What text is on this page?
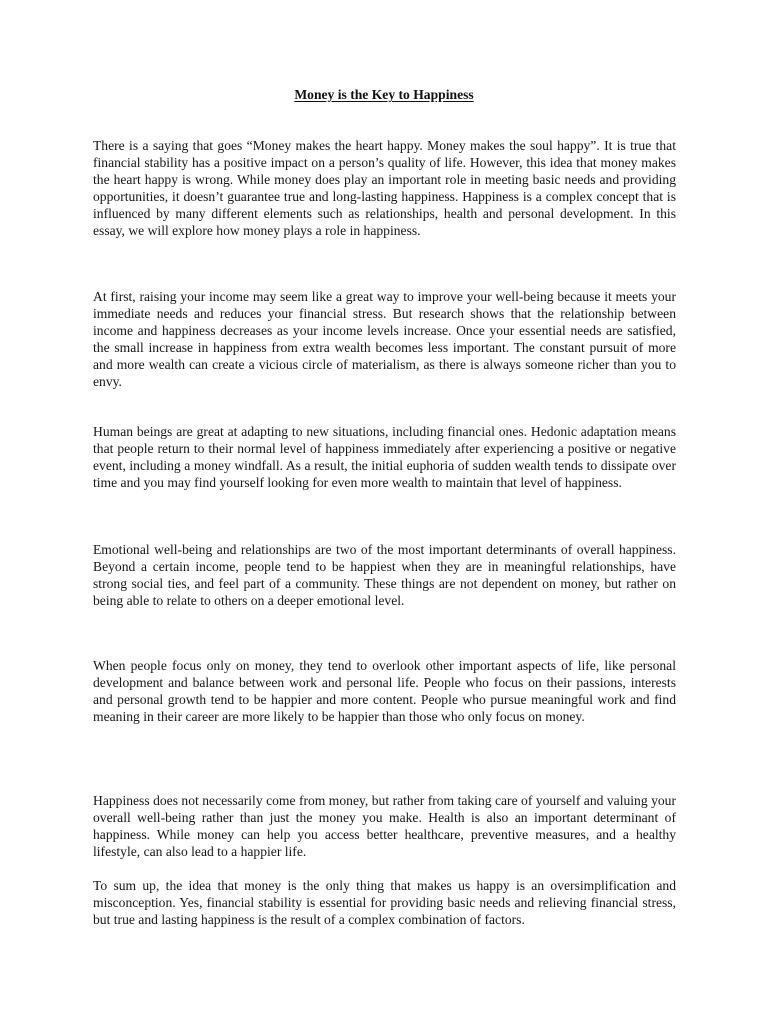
Money is the Key to Happiness

There is a saying that goes “Money makes the heart happy. Money makes the soul happy”. It is true that financial stability has a positive impact on a person’s quality of life. However, this idea that money makes the heart happy is wrong. While money does play an important role in meeting basic needs and providing opportunities, it doesn’t guarantee true and long-lasting happiness. Happiness is a complex concept that is influenced by many different elements such as relationships, health and personal development. In this essay, we will explore how money plays a role in happiness.

At first, raising your income may seem like a great way to improve your well-being because it meets your immediate needs and reduces your financial stress. But research shows that the relationship between income and happiness decreases as your income levels increase. Once your essential needs are satisfied, the small increase in happiness from extra wealth becomes less important. The constant pursuit of more and more wealth can create a vicious circle of materialism, as there is always someone richer than you to envy.

Human beings are great at adapting to new situations, including financial ones. Hedonic adaptation means that people return to their normal level of happiness immediately after experiencing a positive or negative event, including a money windfall. As a result, the initial euphoria of sudden wealth tends to dissipate over time and you may find yourself looking for even more wealth to maintain that level of happiness.

Emotional well-being and relationships are two of the most important determinants of overall happiness. Beyond a certain income, people tend to be happiest when they are in meaningful relationships, have strong social ties, and feel part of a community. These things are not dependent on money, but rather on being able to relate to others on a deeper emotional level.

When people focus only on money, they tend to overlook other important aspects of life, like personal development and balance between work and personal life. People who focus on their passions, interests and personal growth tend to be happier and more content. People who pursue meaningful work and find meaning in their career are more likely to be happier than those who only focus on money.

Happiness does not necessarily come from money, but rather from taking care of yourself and valuing your overall well-being rather than just the money you make. Health is also an important determinant of happiness. While money can help you access better healthcare, preventive measures, and a healthy lifestyle, can also lead to a happier life.

To sum up, the idea that money is the only thing that makes us happy is an oversimplification and misconception. Yes, financial stability is essential for providing basic needs and relieving financial stress, but true and lasting happiness is the result of a complex combination of factors.
